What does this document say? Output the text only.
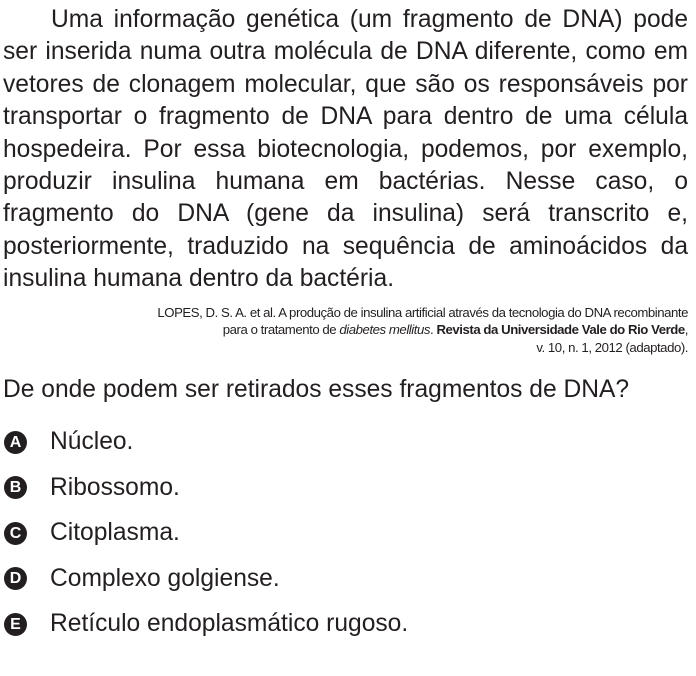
Uma informação genética (um fragmento de DNA) pode ser inserida numa outra molécula de DNA diferente, como em vetores de clonagem molecular, que são os responsáveis por transportar o fragmento de DNA para dentro de uma célula hospedeira. Por essa biotecnologia, podemos, por exemplo, produzir insulina humana em bactérias. Nesse caso, o fragmento do DNA (gene da insulina) será transcrito e, posteriormente, traduzido na sequência de aminoácidos da insulina humana dentro da bactéria.

LOPES, D. S. A. et al. A produção de insulina artificial através da tecnologia do DNA recombinante
para o tratamento de diabetes mellitus. Revista da Universidade Vale do Rio Verde,
v. 10, n. 1, 2012 (adaptado).

De onde podem ser retirados esses fragmentos de DNA?

A Núcleo.
B Ribossomo.
C Citoplasma.
D Complexo golgiense.
E Retículo endoplasmático rugoso.
